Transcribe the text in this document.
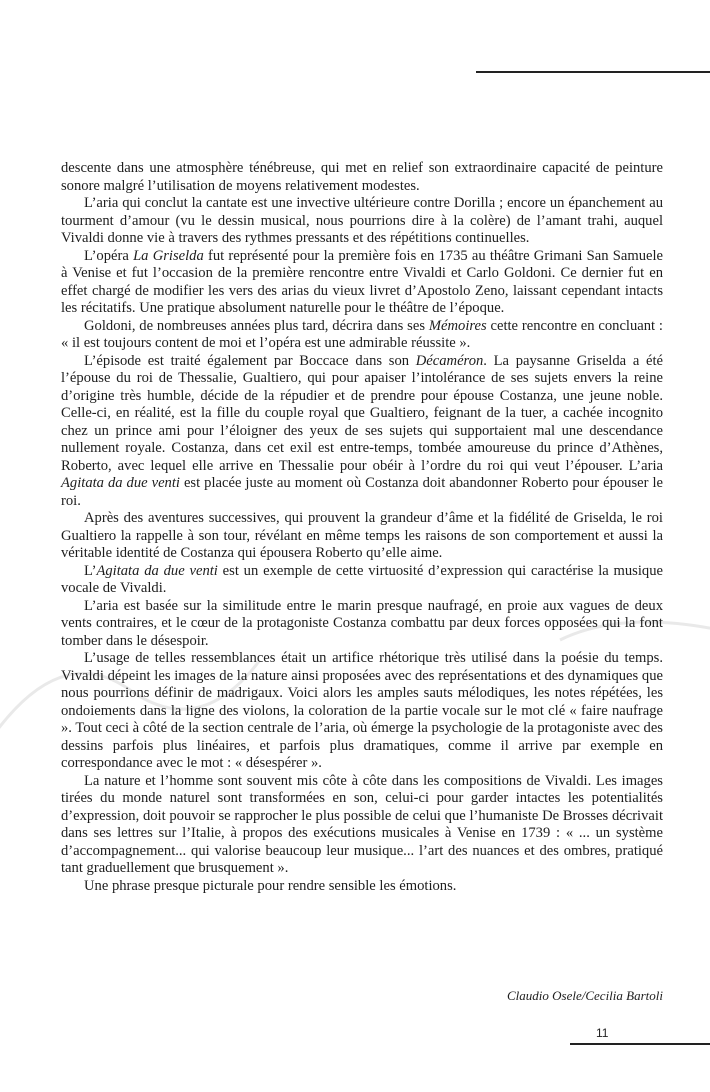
descente dans une atmosphère ténébreuse, qui met en relief son extraordinaire capacité de peinture sonore malgré l’utilisation de moyens relativement modestes.

L’aria qui conclut la cantate est une invective ultérieure contre Dorilla ; encore un épanchement au tourment d’amour (vu le dessin musical, nous pourrions dire à la colère) de l’amant trahi, auquel Vivaldi donne vie à travers des rythmes pressants et des répétitions continuelles.

L’opéra La Griselda fut représenté pour la première fois en 1735 au théâtre Grimani San Samuele à Venise et fut l’occasion de la première rencontre entre Vivaldi et Carlo Goldoni. Ce dernier fut en effet chargé de modifier les vers des arias du vieux livret d’Apostolo Zeno, laissant cependant intacts les récitatifs. Une pratique absolument naturelle pour le théâtre de l’époque.

Goldoni, de nombreuses années plus tard, décrira dans ses Mémoires cette rencontre en concluant : « il est toujours content de moi et l’opéra est une admirable réussite ».

L’épisode est traité également par Boccace dans son Décaméron. La paysanne Griselda a été l’épouse du roi de Thessalie, Gualtiero, qui pour apaiser l’intolérance de ses sujets envers la reine d’origine très humble, décide de la répudier et de prendre pour épouse Costanza, une jeune noble. Celle-ci, en réalité, est la fille du couple royal que Gualtiero, feignant de la tuer, a cachée incognito chez un prince ami pour l’éloigner des yeux de ses sujets qui supportaient mal une descendance nullement royale. Costanza, dans cet exil est entre-temps, tombée amoureuse du prince d’Athènes, Roberto, avec lequel elle arrive en Thessalie pour obéir à l’ordre du roi qui veut l’épouser. L’aria Agitata da due venti est placée juste au moment où Costanza doit abandonner Roberto pour épouser le roi.

Après des aventures successives, qui prouvent la grandeur d’âme et la fidélité de Griselda, le roi Gualtiero la rappelle à son tour, révélant en même temps les raisons de son comportement et aussi la véritable identité de Costanza qui épousera Roberto qu’elle aime.

L’Agitata da due venti est un exemple de cette virtuosité d’expression qui caractérise la musique vocale de Vivaldi.

L’aria est basée sur la similitude entre le marin presque naufragé, en proie aux vagues de deux vents contraires, et le cœur de la protagoniste Costanza combattu par deux forces opposées qui la font tomber dans le désespoir.

L’usage de telles ressemblances était un artifice rhétorique très utilisé dans la poésie du temps. Vivaldi dépeint les images de la nature ainsi proposées avec des représentations et des dynamiques que nous pourrions définir de madrigaux. Voici alors les amples sauts mélodiques, les notes répétées, les ondoiements dans la ligne des violons, la coloration de la partie vocale sur le mot clé « faire naufrage ». Tout ceci à côté de la section centrale de l’aria, où émerge la psychologie de la protagoniste avec des dessins parfois plus linéaires, et parfois plus dramatiques, comme il arrive par exemple en correspondance avec le mot : « désespérer ».

La nature et l’homme sont souvent mis côte à côte dans les compositions de Vivaldi. Les images tirées du monde naturel sont transformées en son, celui-ci pour garder intactes les potentialités d’expression, doit pouvoir se rapprocher le plus possible de celui que l’humaniste De Brosses décrivait dans ses lettres sur l’Italie, à propos des exécutions musicales à Venise en 1739 : « ... un système d’accompagnement... qui valorise beaucoup leur musique... l’art des nuances et des ombres, pratiqué tant graduellement que brusquement ».

Une phrase presque picturale pour rendre sensible les émotions.

Claudio Osele/Cecilia Bartoli
11
